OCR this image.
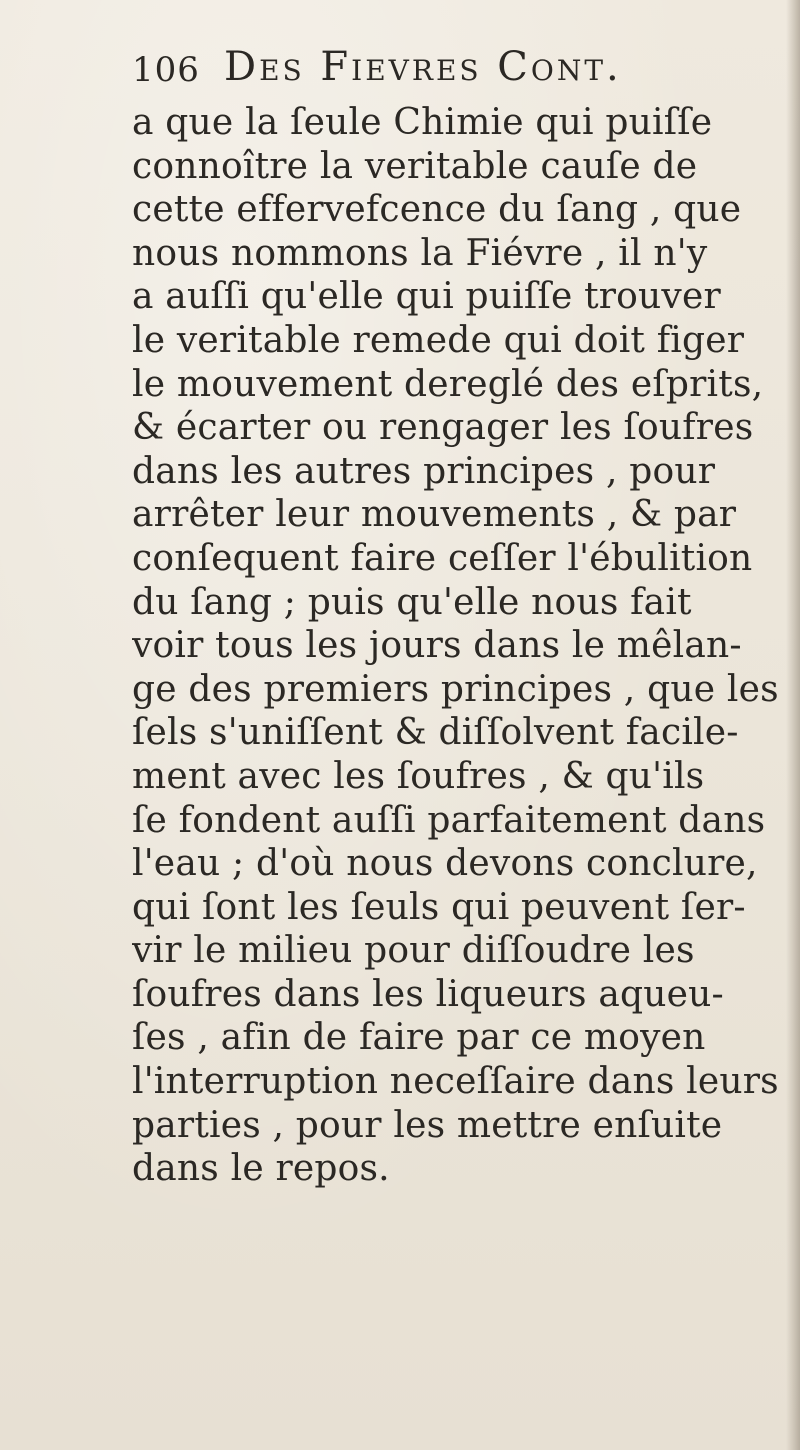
106 Des Fievres Cont.
a que la ſeule Chimie qui puiſſe
connoître la veritable cauſe de
cette effervefcence du ſang , que
nous nommons la Fiévre , il n'y
a auſſi qu'elle qui puiſſe trouver
le veritable remede qui doit figer
le mouvement dereglé des eſprits,
& écarter ou rengager les ſoufres
dans les autres principes , pour
arrêter leur mouvements , & par
conſequent faire ceſſer l'ébulition
du ſang ; puis qu'elle nous fait
voir tous les jours dans le mêlan-
ge des premiers principes , que les
ſels s'uniſſent & diſſolvent facile-
ment avec les ſoufres , & qu'ils
ſe fondent auſſi parfaitement dans
l'eau ; d'où nous devons conclure,
qui ſont les ſeuls qui peuvent ſer-
vir le milieu pour diſſoudre les
ſoufres dans les liqueurs aqueu-
ſes , afin de faire par ce moyen
l'interruption neceſſaire dans leurs
parties , pour les mettre enſuite
dans le repos.
